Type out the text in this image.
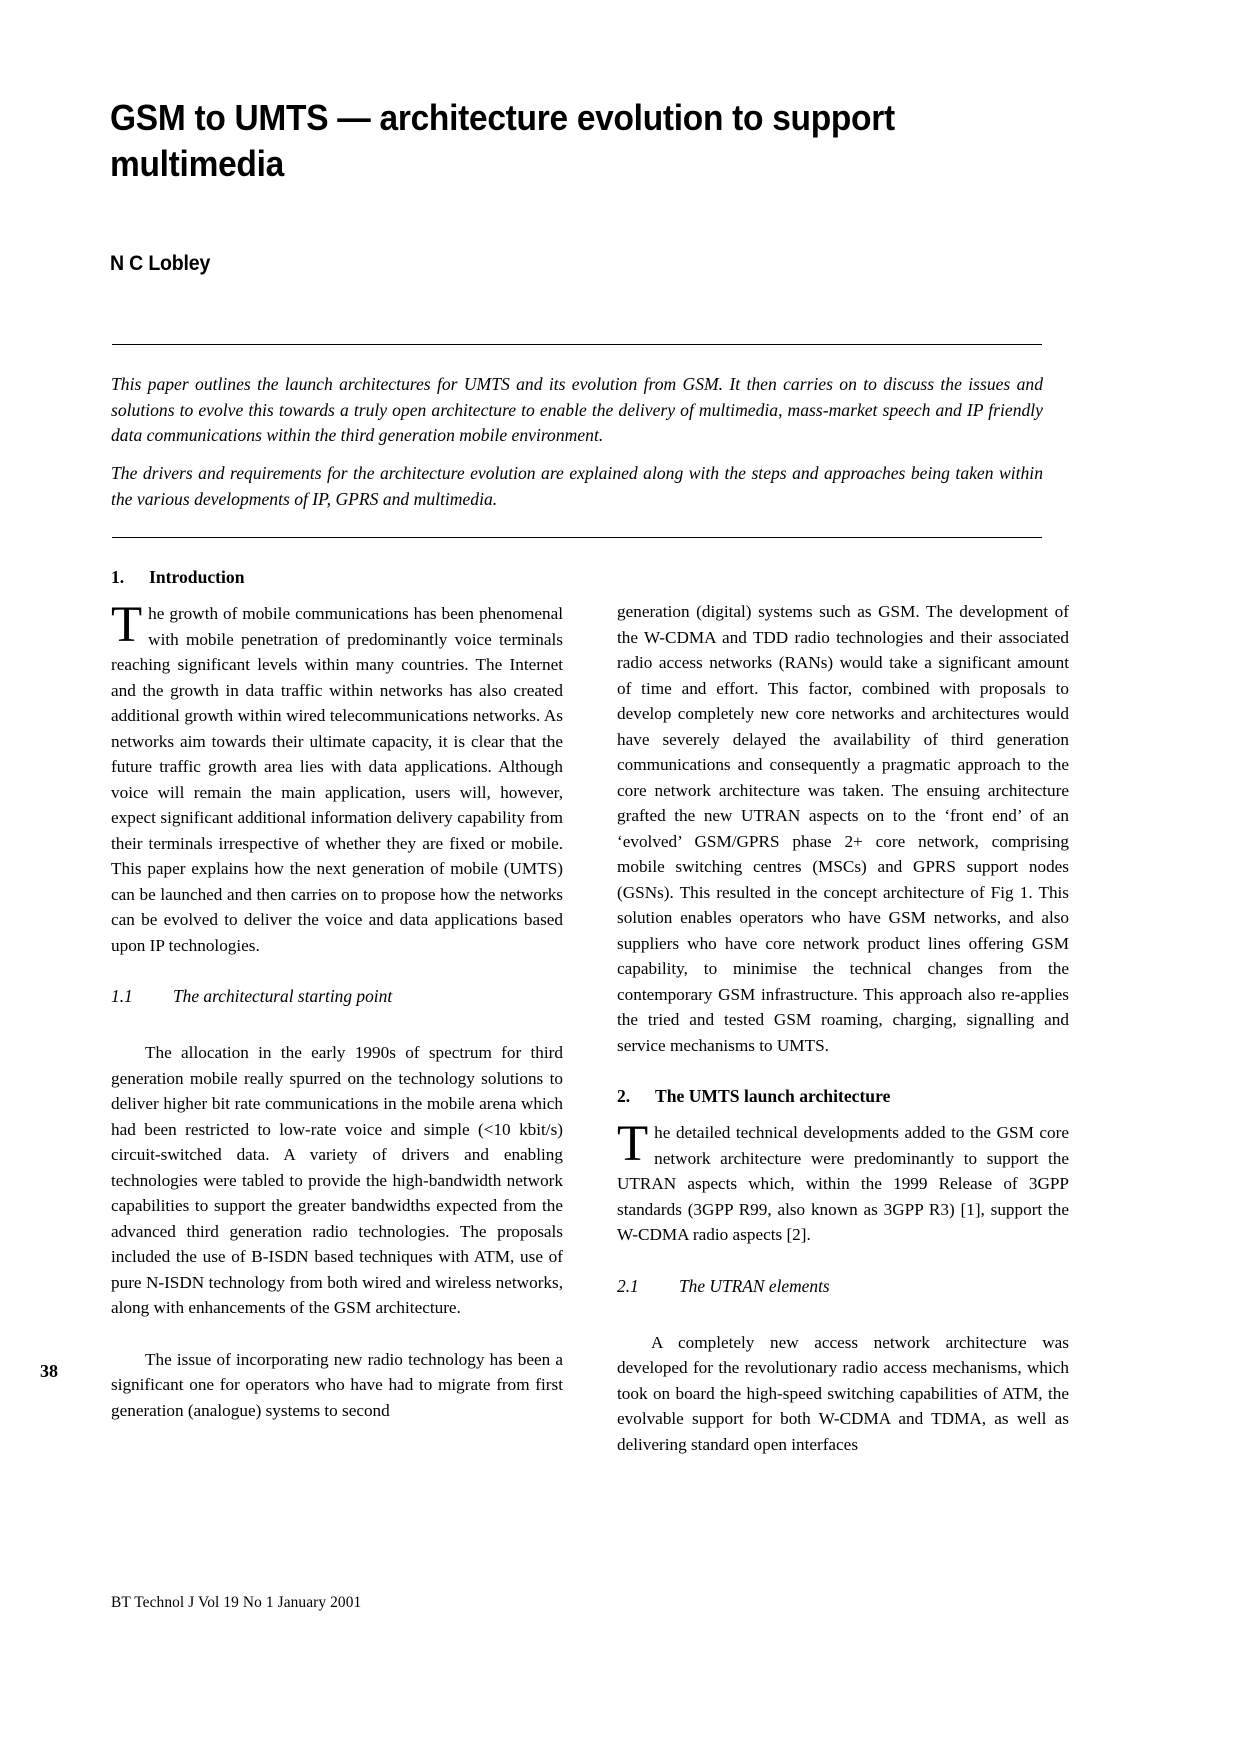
GSM to UMTS — architecture evolution to support multimedia
N C Lobley
This paper outlines the launch architectures for UMTS and its evolution from GSM. It then carries on to discuss the issues and solutions to evolve this towards a truly open architecture to enable the delivery of multimedia, mass-market speech and IP friendly data communications within the third generation mobile environment.
The drivers and requirements for the architecture evolution are explained along with the steps and approaches being taken within the various developments of IP, GPRS and multimedia.
1. Introduction

The growth of mobile communications has been phenomenal with mobile penetration of predominantly voice terminals reaching significant levels within many countries. The Internet and the growth in data traffic within networks has also created additional growth within wired telecommunications networks. As networks aim towards their ultimate capacity, it is clear that the future traffic growth area lies with data applications. Although voice will remain the main application, users will, however, expect significant additional information delivery capability from their terminals irrespective of whether they are fixed or mobile. This paper explains how the next generation of mobile (UMTS) can be launched and then carries on to propose how the networks can be evolved to deliver the voice and data applications based upon IP technologies.

1.1 The architectural starting point

The allocation in the early 1990s of spectrum for third generation mobile really spurred on the technology solutions to deliver higher bit rate communications in the mobile arena which had been restricted to low-rate voice and simple (<10 kbit/s) circuit-switched data. A variety of drivers and enabling technologies were tabled to provide the high-bandwidth network capabilities to support the greater bandwidths expected from the advanced third generation radio technologies. The proposals included the use of B-ISDN based techniques with ATM, use of pure N-ISDN technology from both wired and wireless networks, along with enhancements of the GSM architecture.

The issue of incorporating new radio technology has been a significant one for operators who have had to migrate from first generation (analogue) systems to second

generation (digital) systems such as GSM. The development of the W-CDMA and TDD radio technologies and their associated radio access networks (RANs) would take a significant amount of time and effort. This factor, combined with proposals to develop completely new core networks and architectures would have severely delayed the availability of third generation communications and consequently a pragmatic approach to the core network architecture was taken. The ensuing architecture grafted the new UTRAN aspects on to the ‘front end’ of an ‘evolved’ GSM/GPRS phase 2+ core network, comprising mobile switching centres (MSCs) and GPRS support nodes (GSNs). This resulted in the concept architecture of Fig 1. This solution enables operators who have GSM networks, and also suppliers who have core network product lines offering GSM capability, to minimise the technical changes from the contemporary GSM infrastructure. This approach also re-applies the tried and tested GSM roaming, charging, signalling and service mechanisms to UMTS.

2. The UMTS launch architecture

The detailed technical developments added to the GSM core network architecture were predominantly to support the UTRAN aspects which, within the 1999 Release of 3GPP standards (3GPP R99, also known as 3GPP R3) [1], support the W-CDMA radio aspects [2].

2.1 The UTRAN elements

A completely new access network architecture was developed for the revolutionary radio access mechanisms, which took on board the high-speed switching capabilities of ATM, the evolvable support for both W-CDMA and TDMA, as well as delivering standard open interfaces

38
BT Technol J Vol 19 No 1 January 2001
